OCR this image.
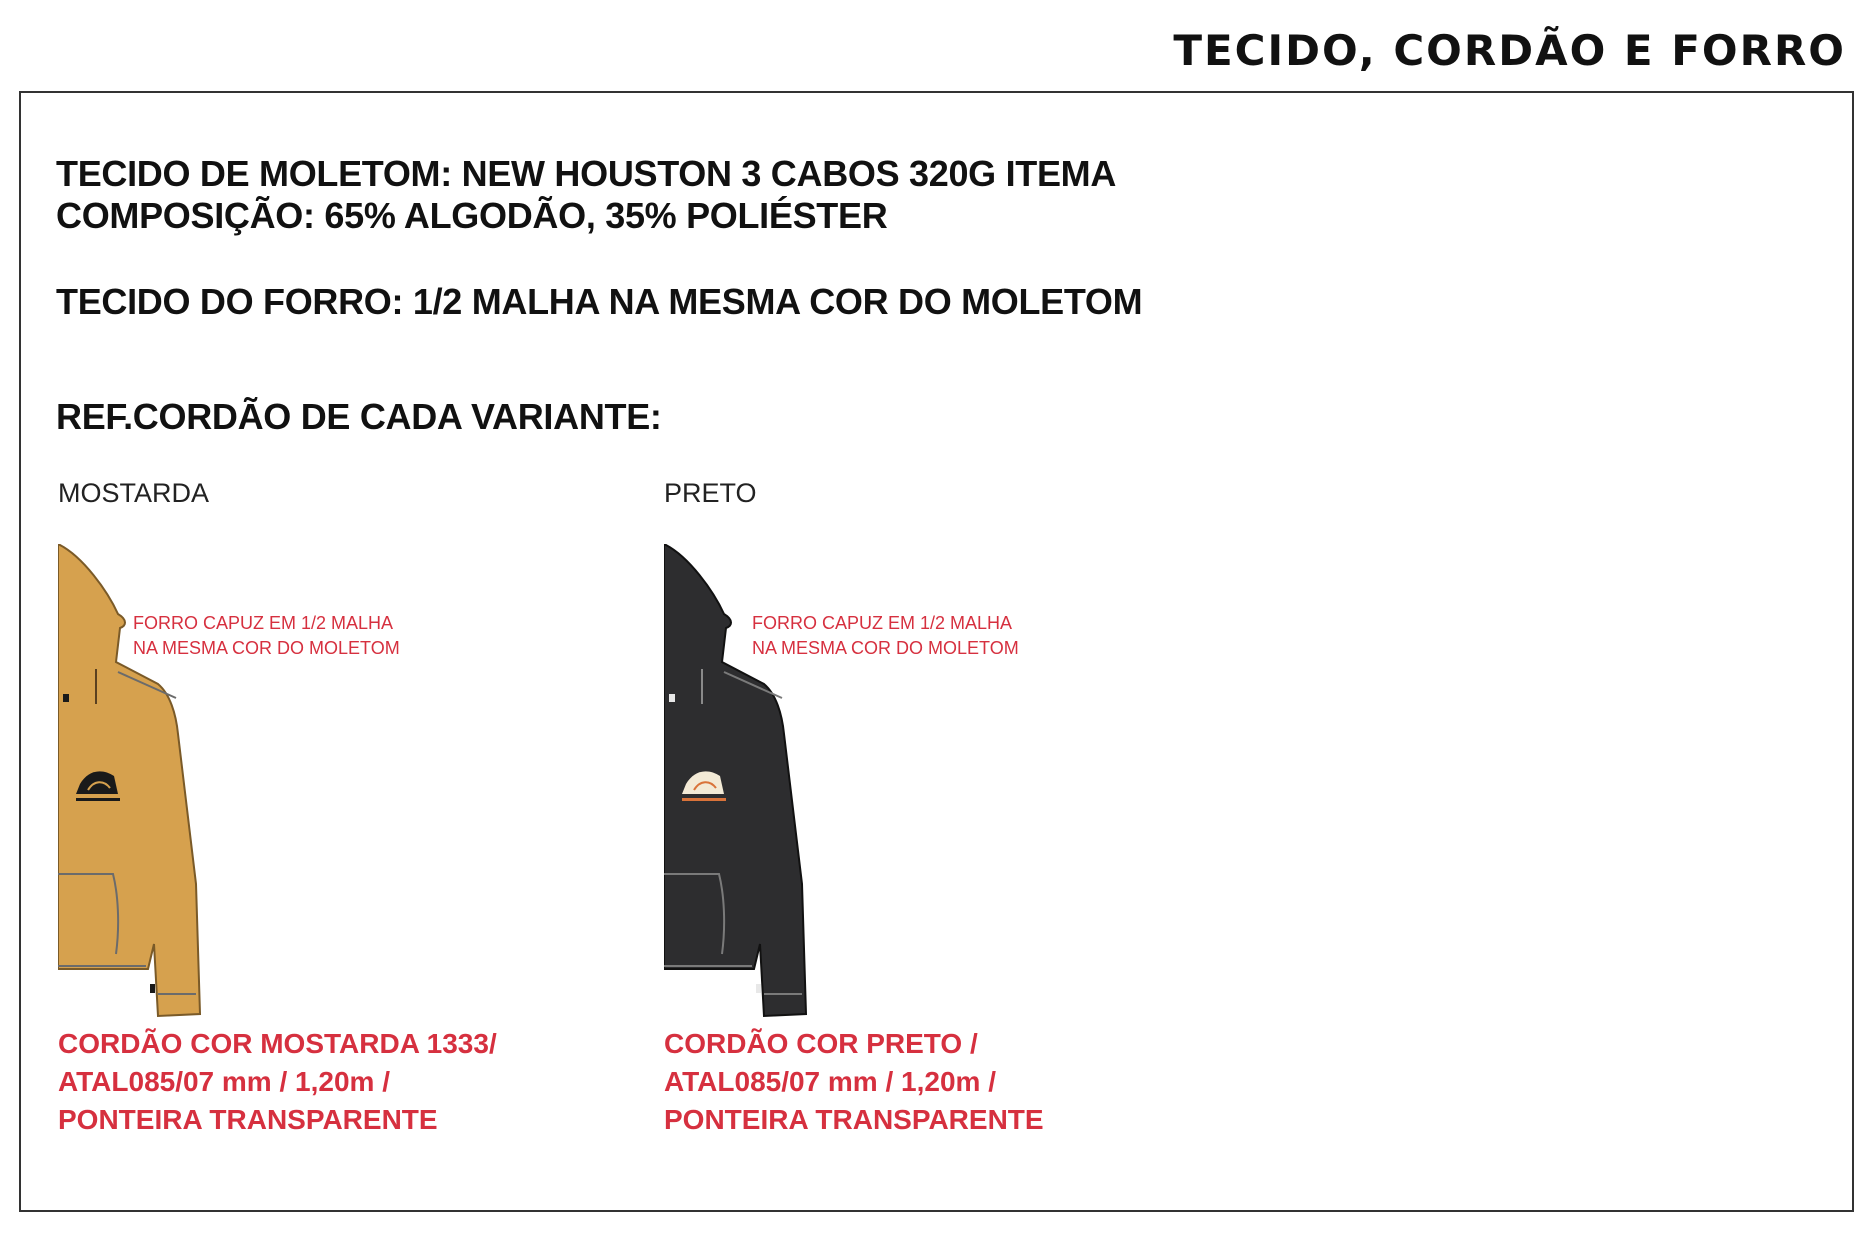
TECIDO, CORDÃO E FORRO

TECIDO DE MOLETOM: NEW HOUSTON 3 CABOS 320G ITEMA

COMPOSIÇÃO: 65% ALGODÃO, 35% POLIÉSTER

TECIDO DO FORRO: 1/2 MALHA NA MESMA COR DO MOLETOM

REF.CORDÃO DE CADA VARIANTE:

MOSTARDA
FORRO CAPUZ EM 1/2 MALHA
NA MESMA COR DO MOLETOM
CORDÃO COR MOSTARDA 1333/
ATAL085/07 mm / 1,20m /
PONTEIRA TRANSPARENTE
PRETO
FORRO CAPUZ EM 1/2 MALHA
NA MESMA COR DO MOLETOM
CORDÃO COR PRETO /
ATAL085/07 mm / 1,20m /
PONTEIRA TRANSPARENTE
